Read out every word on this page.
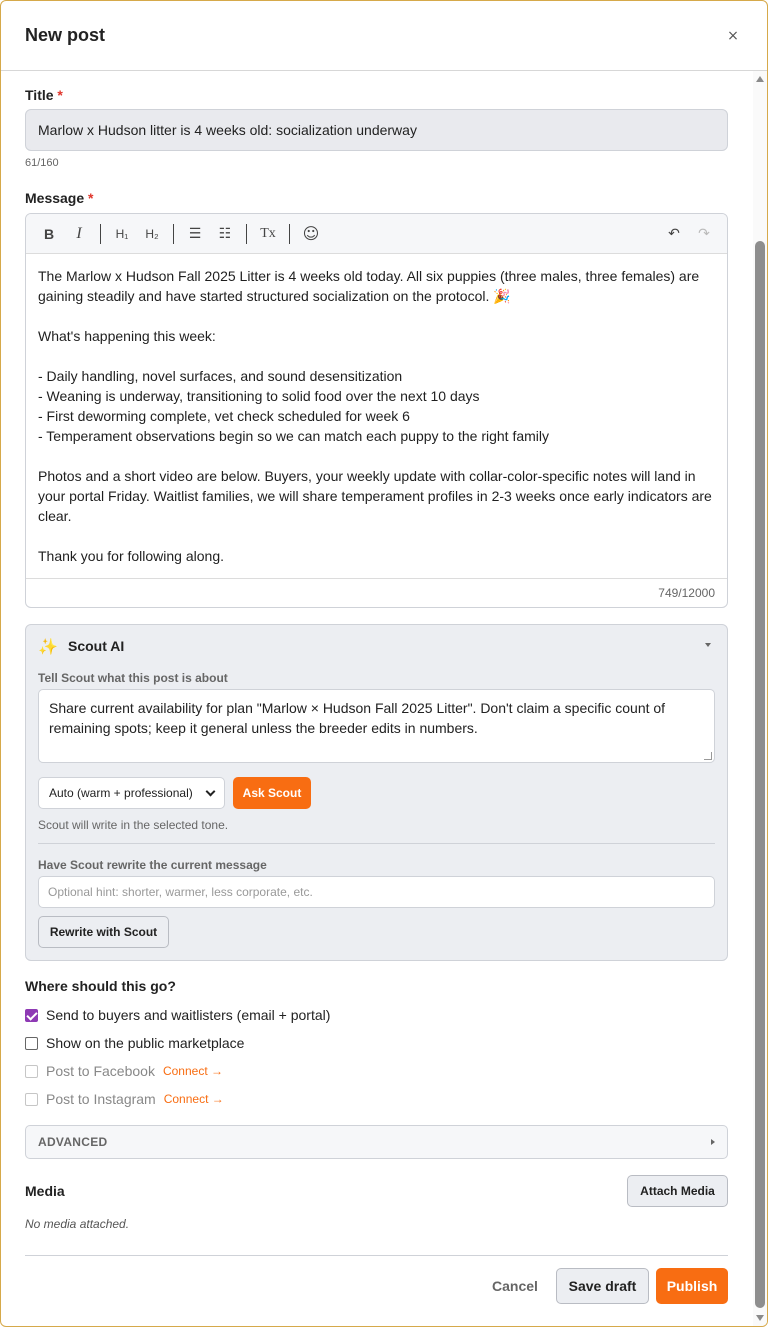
New post	×
Title *
Marlow x Hudson litter is 4 weeks old: socialization underway
61/160
Message *
B	I	H₁	H₂	☰	☷	Tx	☺	↶	↷

The Marlow x Hudson Fall 2025 Litter is 4 weeks old today. All six puppies (three males, three females) are gaining steadily and have started structured socialization on the protocol. 🎉

What's happening this week:

- Daily handling, novel surfaces, and sound desensitization

- Weaning is underway, transitioning to solid food over the next 10 days

- First deworming complete, vet check scheduled for week 6

- Temperament observations begin so we can match each puppy to the right family

Photos and a short video are below. Buyers, your weekly update with collar-color-specific notes will land in your portal Friday. Waitlist families, we will share temperament profiles in 2-3 weeks once early indicators are clear.

Thank you for following along.

749/12000
✨ Scout AI
Tell Scout what this post is about
Share current availability for plan "Marlow × Hudson Fall 2025 Litter". Don't claim a specific count of remaining spots; keep it general unless the breeder edits in numbers.
Auto (warm + professional)	Ask Scout
Scout will write in the selected tone.
Have Scout rewrite the current message
Optional hint: shorter, warmer, less corporate, etc.
Rewrite with Scout
Where should this go?
Send to buyers and waitlisters (email + portal)
Show on the public marketplace
Post to Facebook Connect →
Post to Instagram Connect →
ADVANCED
Media	Attach Media
No media attached.
Cancel	Save draft	Publish
